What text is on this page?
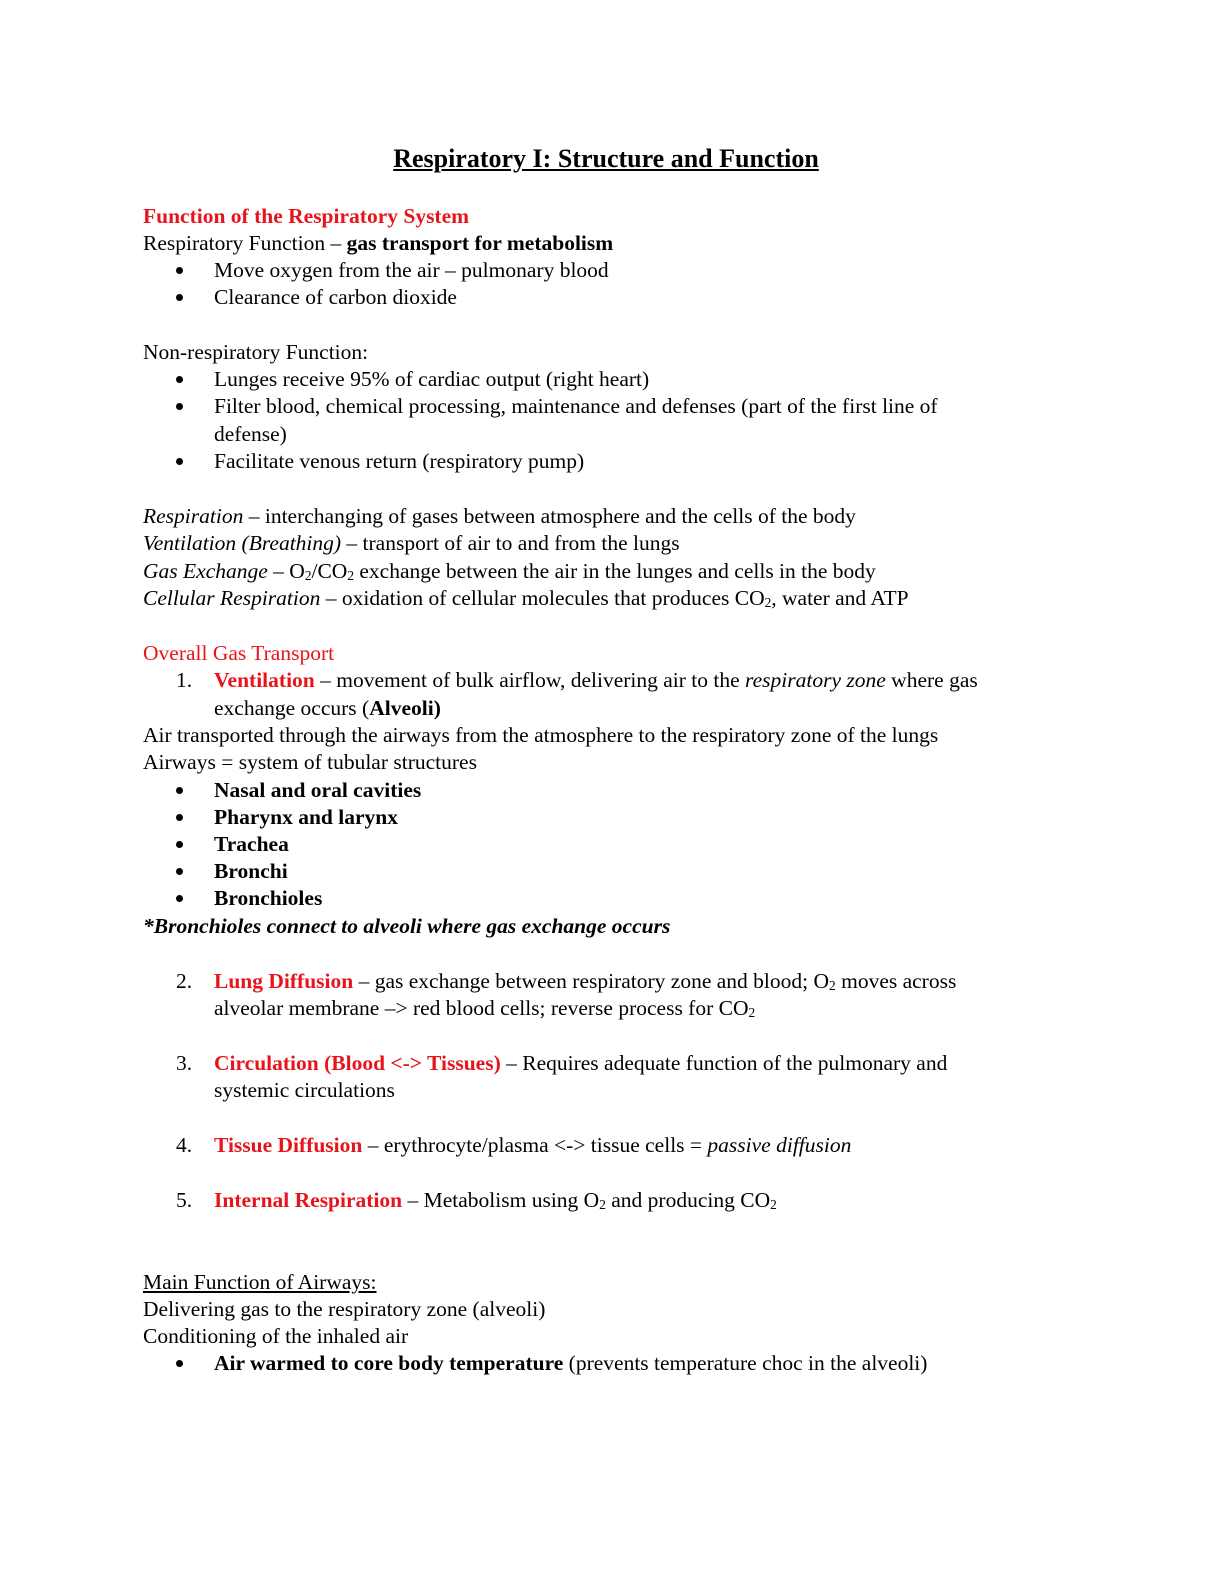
Respiratory I: Structure and Function
Function of the Respiratory System
Respiratory Function – gas transport for metabolism
Move oxygen from the air – pulmonary blood
Clearance of carbon dioxide
Non-respiratory Function:
Lunges receive 95% of cardiac output (right heart)
Filter blood, chemical processing, maintenance and defenses (part of the first line of
defense)
Facilitate venous return (respiratory pump)
Respiration – interchanging of gases between atmosphere and the cells of the body
Ventilation (Breathing) – transport of air to and from the lungs
Gas Exchange – $O_2/CO_2$ exchange between the air in the lunges and cells in the body
Cellular Respiration – oxidation of cellular molecules that produces $CO_2$, water and ATP
Overall Gas Transport
1. Ventilation – movement of bulk airflow, delivering air to the respiratory zone where gas
exchange occurs (Alveoli)
Air transported through the airways from the atmosphere to the respiratory zone of the lungs
Airways = system of tubular structures
Nasal and oral cavities
Pharynx and larynx
Trachea
Bronchi
Bronchioles
*Bronchioles connect to alveoli where gas exchange occurs
2. Lung Diffusion – gas exchange between respiratory zone and blood; $O_2$ moves across
alveolar membrane –> red blood cells; reverse process for $CO_2$
3. Circulation (Blood <-> Tissues) – Requires adequate function of the pulmonary and
systemic circulations
4. Tissue Diffusion – erythrocyte/plasma <-> tissue cells = passive diffusion
5. Internal Respiration – Metabolism using $O_2$ and producing $CO_2$
Main Function of Airways:
Delivering gas to the respiratory zone (alveoli)
Conditioning of the inhaled air
Air warmed to core body temperature (prevents temperature choc in the alveoli)
